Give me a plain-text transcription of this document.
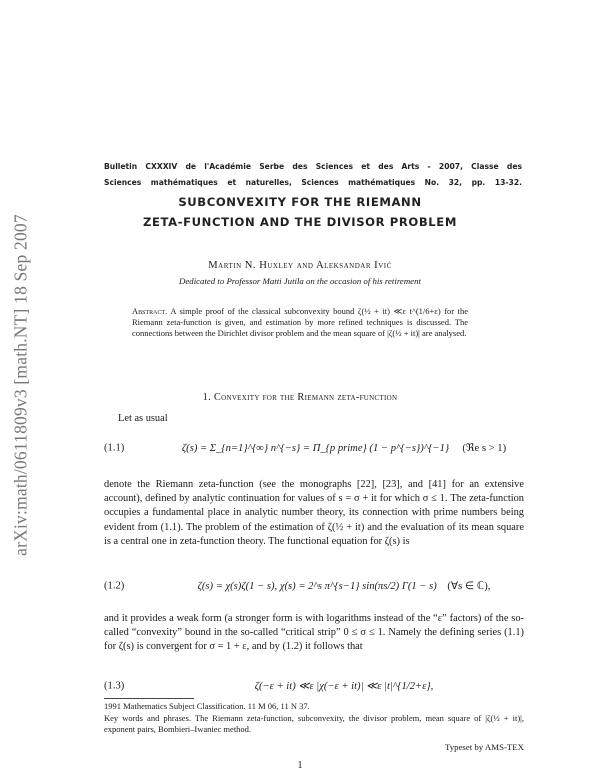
arXiv:math/0611809v3 [math.NT] 18 Sep 2007
Bulletin CXXXIV de l'Académie Serbe des Sciences et des Arts - 2007, Classe des
Sciences mathématiques et naturelles, Sciences mathématiques No. 32, pp. 13-32.
SUBCONVEXITY FOR THE RIEMANN
ZETA-FUNCTION AND THE DIVISOR PROBLEM
Martin N. Huxley and Aleksandar Ivić
Dedicated to Professor Matti Jutila on the occasion of his retirement
Abstract. A simple proof of the classical subconvexity bound ζ(½ + it) ≪ε t^(1/6+ε) for the Riemann zeta-function is given, and estimation by more refined techniques is discussed. The connections between the Dirichlet divisor problem and the mean square of |ζ(½ + it)| are analysed.
1. Convexity for the Riemann zeta-function
Let as usual
(1.1)	ζ(s) = Σ_{n=1}^{∞} n^{−s} = Π_{p prime} (1 − p^{−s})^{−1} (ℜe s > 1)
denote the Riemann zeta-function (see the monographs [22], [23], and [41] for an extensive account), defined by analytic continuation for values of s = σ + it for which σ ≤ 1. The zeta-function occupies a fundamental place in analytic number theory, its connection with prime numbers being evident from (1.1). The problem of the estimation of ζ(½ + it) and the evaluation of its mean square is a central one in zeta-function theory. The functional equation for ζ(s) is
(1.2)	ζ(s) = χ(s)ζ(1 − s), χ(s) = 2^s π^{s−1} sin(πs/2) Γ(1 − s) (∀s ∈ ℂ),
and it provides a weak form (a stronger form is with logarithms instead of the “ε” factors) of the so-called “convexity” bound in the so-called “critical strip” 0 ≤ σ ≤ 1. Namely the defining series (1.1) for ζ(s) is convergent for σ = 1 + ε, and by (1.2) it follows that
(1.3)	ζ(−ε + it) ≪ε |χ(−ε + it)| ≪ε |t|^{1/2+ε},
1991 Mathematics Subject Classification. 11 M 06, 11 N 37.
Key words and phrases. The Riemann zeta-function, subconvexity, the divisor problem, mean square of |ζ(½ + it)|, exponent pairs, Bombieri–Iwaniec method.
Typeset by AMS-TEX
1
